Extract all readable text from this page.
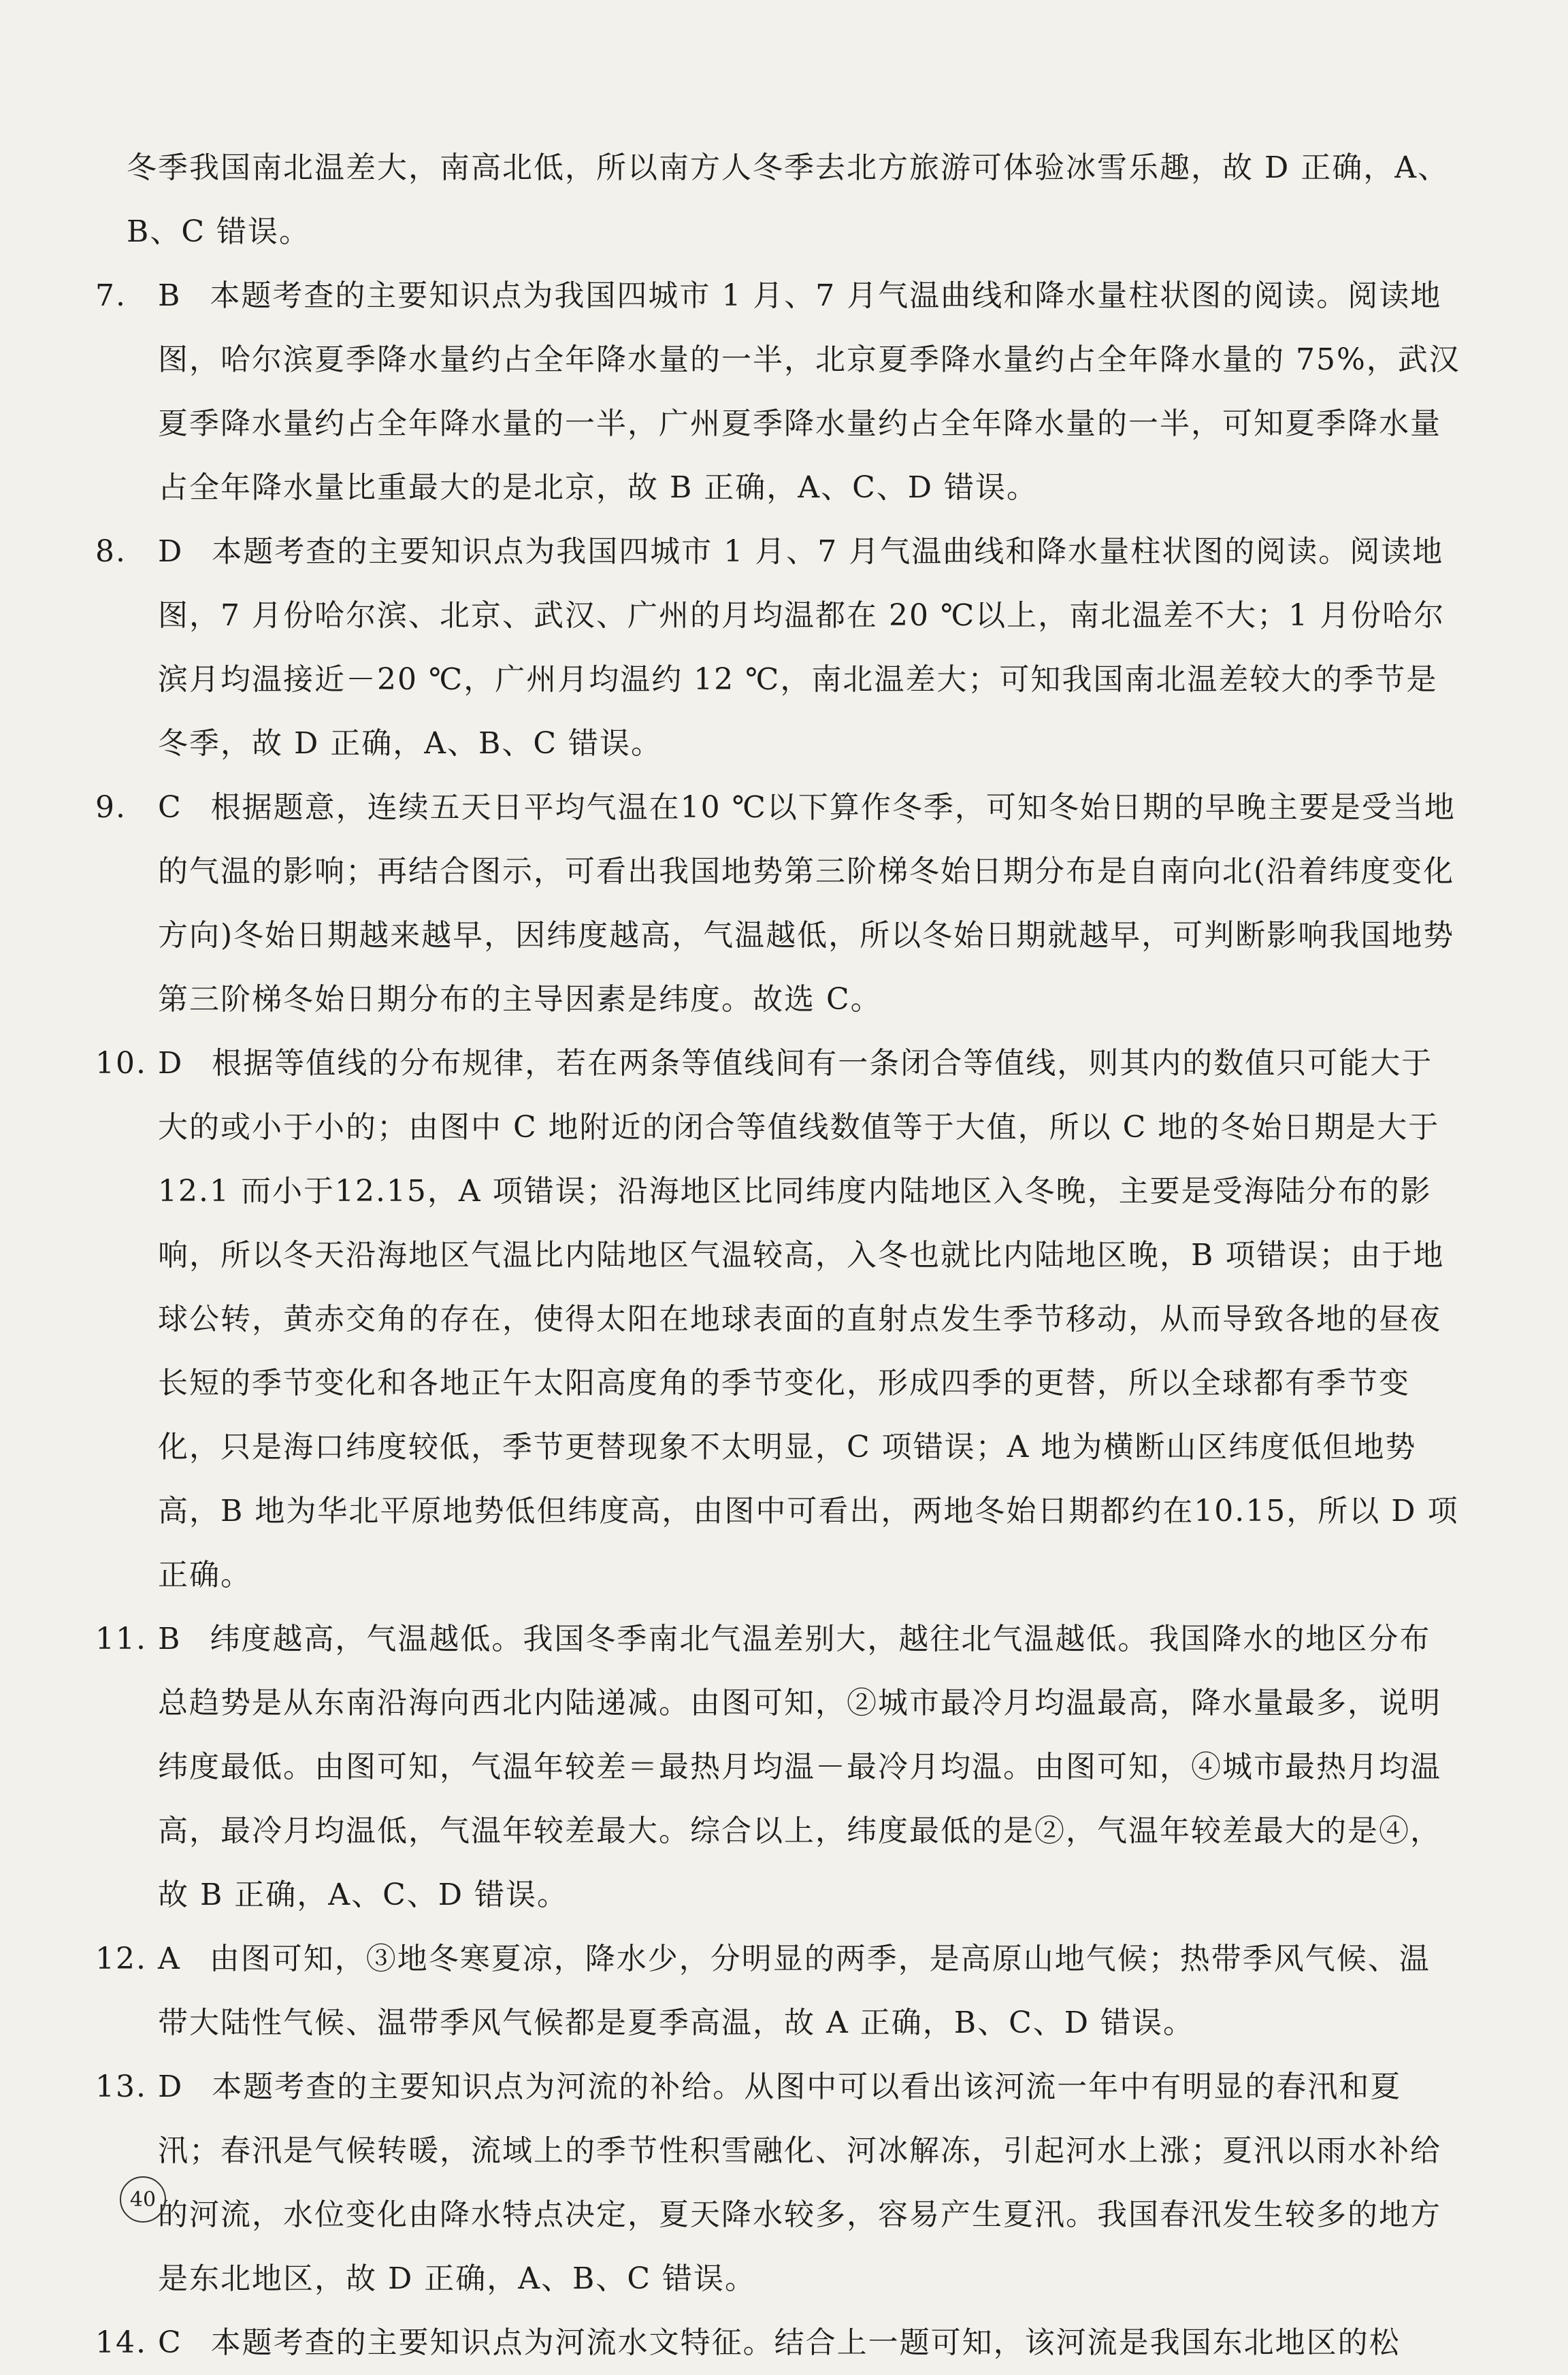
冬季我国南北温差大，南高北低，所以南方人冬季去北方旅游可体验冰雪乐趣，故 D 正确，A、B、C 错误。

7. B 本题考查的主要知识点为我国四城市 1 月、7 月气温曲线和降水量柱状图的阅读。阅读地图，哈尔滨夏季降水量约占全年降水量的一半，北京夏季降水量约占全年降水量的 75%，武汉夏季降水量约占全年降水量的一半，广州夏季降水量约占全年降水量的一半，可知夏季降水量占全年降水量比重最大的是北京，故 B 正确，A、C、D 错误。
8. D 本题考查的主要知识点为我国四城市 1 月、7 月气温曲线和降水量柱状图的阅读。阅读地图，7 月份哈尔滨、北京、武汉、广州的月均温都在 20 ℃以上，南北温差不大；1 月份哈尔滨月均温接近－20 ℃，广州月均温约 12 ℃，南北温差大；可知我国南北温差较大的季节是冬季，故 D 正确，A、B、C 错误。
9. C 根据题意，连续五天日平均气温在10 ℃以下算作冬季，可知冬始日期的早晚主要是受当地的气温的影响；再结合图示，可看出我国地势第三阶梯冬始日期分布是自南向北(沿着纬度变化方向)冬始日期越来越早，因纬度越高，气温越低，所以冬始日期就越早，可判断影响我国地势第三阶梯冬始日期分布的主导因素是纬度。故选 C。
10. D 根据等值线的分布规律，若在两条等值线间有一条闭合等值线，则其内的数值只可能大于大的或小于小的；由图中 C 地附近的闭合等值线数值等于大值，所以 C 地的冬始日期是大于12.1 而小于12.15，A 项错误；沿海地区比同纬度内陆地区入冬晚，主要是受海陆分布的影响，所以冬天沿海地区气温比内陆地区气温较高，入冬也就比内陆地区晚，B 项错误；由于地球公转，黄赤交角的存在，使得太阳在地球表面的直射点发生季节移动，从而导致各地的昼夜长短的季节变化和各地正午太阳高度角的季节变化，形成四季的更替，所以全球都有季节变化，只是海口纬度较低，季节更替现象不太明显，C 项错误；A 地为横断山区纬度低但地势高，B 地为华北平原地势低但纬度高，由图中可看出，两地冬始日期都约在10.15，所以 D 项正确。
11. B 纬度越高，气温越低。我国冬季南北气温差别大，越往北气温越低。我国降水的地区分布总趋势是从东南沿海向西北内陆递减。由图可知，②城市最冷月均温最高，降水量最多，说明纬度最低。由图可知，气温年较差＝最热月均温－最冷月均温。由图可知，④城市最热月均温高，最冷月均温低，气温年较差最大。综合以上，纬度最低的是②，气温年较差最大的是④，故 B 正确，A、C、D 错误。
12. A 由图可知，③地冬寒夏凉，降水少，分明显的两季，是高原山地气候；热带季风气候、温带大陆性气候、温带季风气候都是夏季高温，故 A 正确，B、C、D 错误。
13. D 本题考查的主要知识点为河流的补给。从图中可以看出该河流一年中有明显的春汛和夏汛；春汛是气候转暖，流域上的季节性积雪融化、河冰解冻，引起河水上涨；夏汛以雨水补给的河流，水位变化由降水特点决定，夏天降水较多，容易产生夏汛。我国春汛发生较多的地方是东北地区，故 D 正确，A、B、C 错误。
14. C 本题考查的主要知识点为河流水文特征。结合上一题可知，该河流是我国东北地区的松
40
